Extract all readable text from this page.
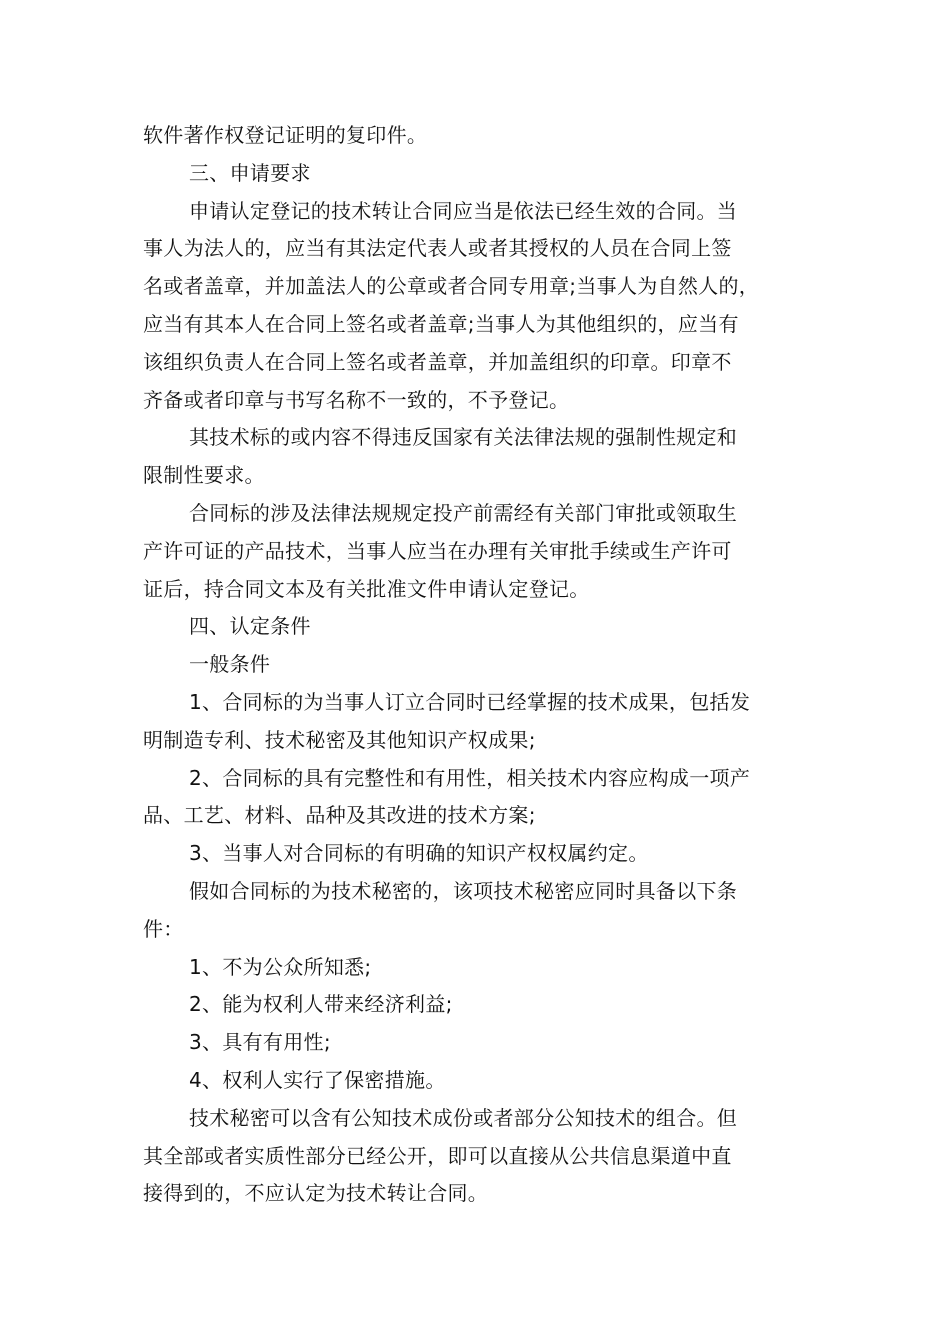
软件著作权登记证明的复印件。
三、申请要求
申请认定登记的技术转让合同应当是依法已经生效的合同。当
事人为法人的，应当有其法定代表人或者其授权的人员在合同上签
名或者盖章，并加盖法人的公章或者合同专用章;当事人为自然人的，
应当有其本人在合同上签名或者盖章;当事人为其他组织的，应当有
该组织负责人在合同上签名或者盖章，并加盖组织的印章。印章不
齐备或者印章与书写名称不一致的，不予登记。
其技术标的或内容不得违反国家有关法律法规的强制性规定和
限制性要求。
合同标的涉及法律法规规定投产前需经有关部门审批或领取生
产许可证的产品技术，当事人应当在办理有关审批手续或生产许可
证后，持合同文本及有关批准文件申请认定登记。
四、认定条件
一般条件
1、合同标的为当事人订立合同时已经掌握的技术成果，包括发
明制造专利、技术秘密及其他知识产权成果;
2、合同标的具有完整性和有用性，相关技术内容应构成一项产
品、工艺、材料、品种及其改进的技术方案;
3、当事人对合同标的有明确的知识产权权属约定。
假如合同标的为技术秘密的，该项技术秘密应同时具备以下条
件：
1、不为公众所知悉;
2、能为权利人带来经济利益;
3、具有有用性;
4、权利人实行了保密措施。
技术秘密可以含有公知技术成份或者部分公知技术的组合。但
其全部或者实质性部分已经公开，即可以直接从公共信息渠道中直
接得到的，不应认定为技术转让合同。
